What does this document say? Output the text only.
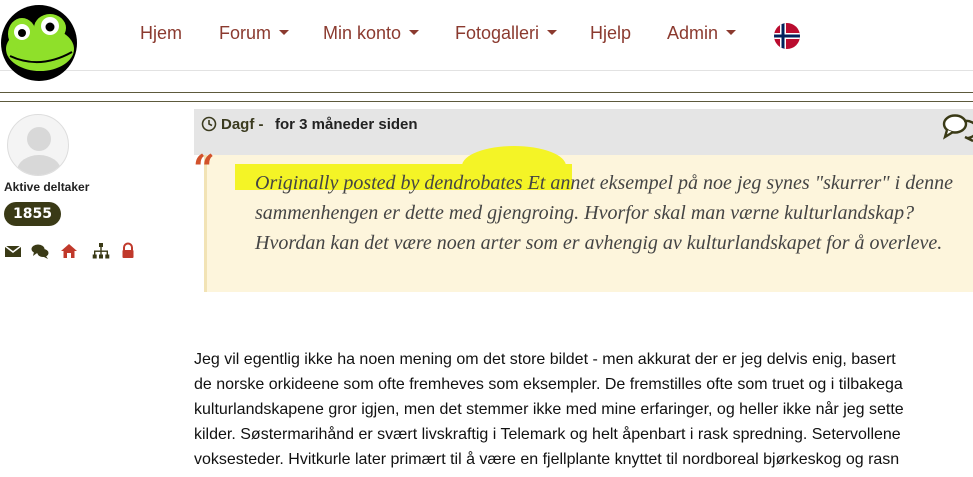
Hjem Forum	Min konto	Fotogalleri	Hjelp Admin
Aktive deltaker
1855
Dagf - for 3 måneder siden
“ Originally posted by dendrobates Et annet eksempel på noe jeg synes "skurrer" i denne sammenhengen er dette med gjengroing. Hvorfor skal man værne kulturlandskap? Hvordan kan det være noen arter som er avhengig av kulturlandskapet for å overleve.
Jeg vil egentlig ikke ha noen mening om det store bildet - men akkurat der er jeg delvis enig, basert
de norske orkideene som ofte fremheves som eksempler. De fremstilles ofte som truet og i tilbakega
kulturlandskapene gror igjen, men det stemmer ikke med mine erfaringer, og heller ikke når jeg sette
kilder. Søstermarihånd er svært livskraftig i Telemark og helt åpenbart i rask spredning. Setervollene
voksesteder. Hvitkurle later primært til å være en fjellplante knyttet til nordboreal bjørkeskog og rasn
